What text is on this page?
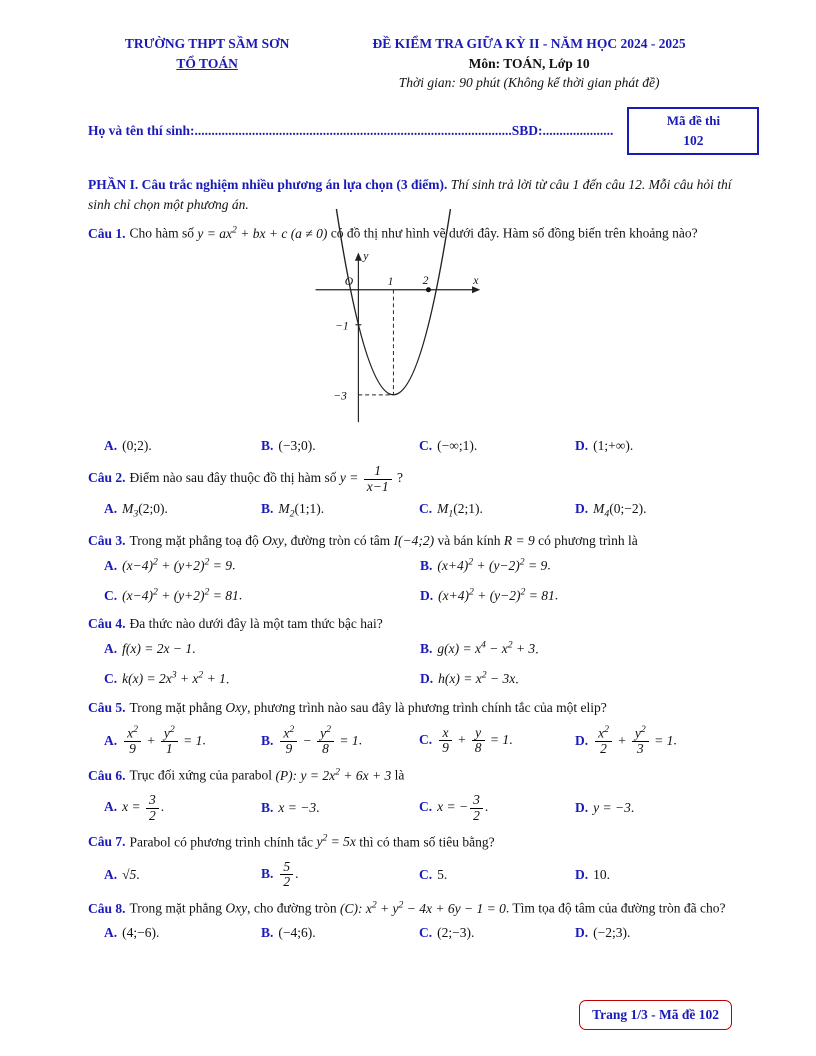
TRƯỜNG THPT SẦM SƠN
TỔ TOÁN
ĐỀ KIỂM TRA GIỮA KỲ II - NĂM HỌC 2024 - 2025
Môn: TOÁN, Lớp 10
Thời gian: 90 phút (Không kể thời gian phát đề)
Họ và tên thí sinh:..............................................................................................SBD:.....................
Mã đề thi
102
PHẦN I. Câu trắc nghiệm nhiều phương án lựa chọn (3 điểm). Thí sinh trả lời từ câu 1 đến câu 12. Mỗi câu hỏi thí sinh chỉ chọn một phương án.
Câu 1. Cho hàm số $y = ax^2$ + bx + c (a ≠ 0) có đồ thị như hình vẽ dưới đây. Hàm số đồng biến trên khoảng nào?
y
x
O	1 2
−1
−3
A. (0;2).	B. (−3;0).	C. (−∞;1).	D. (1;+∞).
Câu 2. Điểm nào sau đây thuộc đồ thị hàm số $y = \frac{1}{x-1}$ ?
A. $M_3(2;0)$.	B. $M_2(1;1)$.	C. $M_1(2;1)$.	D. $M_4(0;-2)$.
Câu 3. Trong mặt phẳng toạ độ Oxy, đường tròn có tâm I(−4;2) và bán kính R = 9 có phương trình là
A. $(x-4)^2 + (y+2)^2 = 9$.	B. $(x+4)^2 + (y-2)^2 = 9$.
C. $(x-4)^2 + (y+2)^2 = 81$.	D. $(x+4)^2 + (y-2)^2 = 81$.
Câu 4. Đa thức nào dưới đây là một tam thức bậc hai?
A. f(x) = 2x − 1.	B. $g(x) = x^4 - x^2 + 3$.
C. $k(x) = 2x^3 + x^2 + 1$.	D. $h(x) = x^2 - 3x$.
Câu 5. Trong mặt phẳng Oxy, phương trình nào sau đây là phương trình chính tắc của một elip?
A. $\frac{x^2}{9} + \frac{y^2}{1} = 1$.	B. $\frac{x^2}{9} - \frac{y^2}{8} = 1$.	C. $\frac{x}{9} + \frac{y}{8} = 1$.	D. $\frac{x^2}{2} + \frac{y^2}{3} = 1$.
Câu 6. Trục đối xứng của parabol (P): $y = 2x^2 + 6x + 3$ là
A. $x = \frac{3}{2}$ .	B. x = −3.	C. x = − $\frac{3}{2}$ .	D. y = −3.
Câu 7. Parabol có phương trình chính tắc $y^2 = 5x$ thì có tham số tiêu bằng?
A. √5.	B. $\frac{5}{2}$ .	C. 5.	D. 10.
Câu 8. Trong mặt phẳng Oxy, cho đường tròn (C): $x^2 + y^2 - 4x + 6y - 1 = 0$. Tìm tọa độ tâm của đường tròn đã cho?
A. (4;−6).	B. (−4;6).	C. (2;−3).	D. (−2;3).
Trang 1/3 - Mã đề 102
